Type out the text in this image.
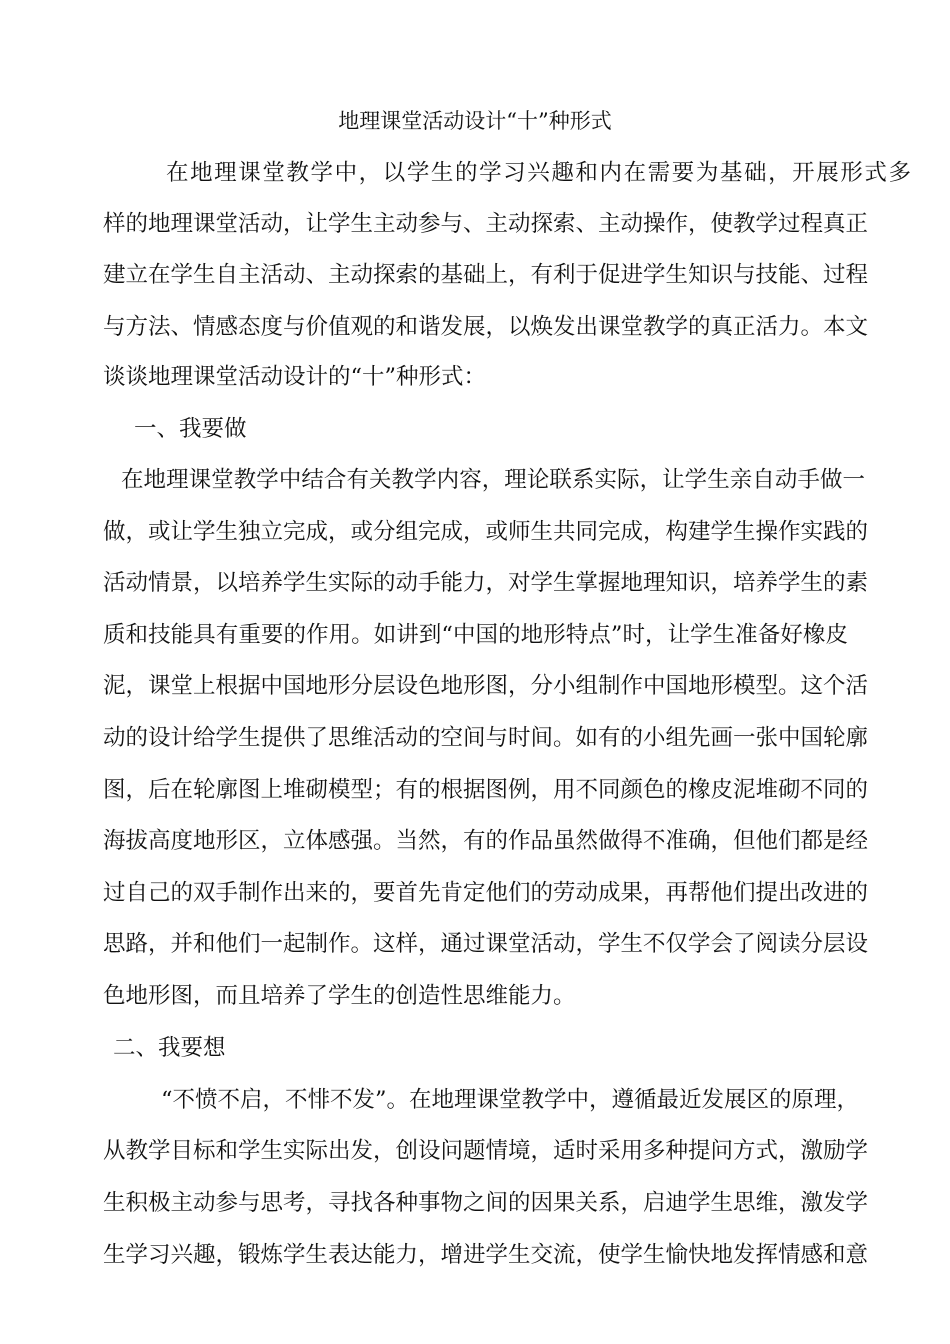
地理课堂活动设计“十”种形式
在地理课堂教学中，以学生的学习兴趣和内在需要为基础，开展形式多
样的地理课堂活动，让学生主动参与、主动探索、主动操作，使教学过程真正
建立在学生自主活动、主动探索的基础上，有利于促进学生知识与技能、过程
与方法、情感态度与价值观的和谐发展，以焕发出课堂教学的真正活力。本文
谈谈地理课堂活动设计的“十”种形式：
一、我要做
在地理课堂教学中结合有关教学内容，理论联系实际，让学生亲自动手做一
做，或让学生独立完成，或分组完成，或师生共同完成，构建学生操作实践的
活动情景，以培养学生实际的动手能力，对学生掌握地理知识，培养学生的素
质和技能具有重要的作用。如讲到“中国的地形特点”时，让学生准备好橡皮
泥，课堂上根据中国地形分层设色地形图，分小组制作中国地形模型。这个活
动的设计给学生提供了思维活动的空间与时间。如有的小组先画一张中国轮廓
图，后在轮廓图上堆砌模型；有的根据图例，用不同颜色的橡皮泥堆砌不同的
海拔高度地形区，立体感强。当然，有的作品虽然做得不准确，但他们都是经
过自己的双手制作出来的，要首先肯定他们的劳动成果，再帮他们提出改进的
思路，并和他们一起制作。这样，通过课堂活动，学生不仅学会了阅读分层设
色地形图，而且培养了学生的创造性思维能力。
二、我要想
“不愤不启，不悱不发”。在地理课堂教学中，遵循最近发展区的原理，
从教学目标和学生实际出发，创设问题情境，适时采用多种提问方式，激励学
生积极主动参与思考，寻找各种事物之间的因果关系，启迪学生思维，激发学
生学习兴趣，锻炼学生表达能力，增进学生交流，使学生愉快地发挥情感和意
